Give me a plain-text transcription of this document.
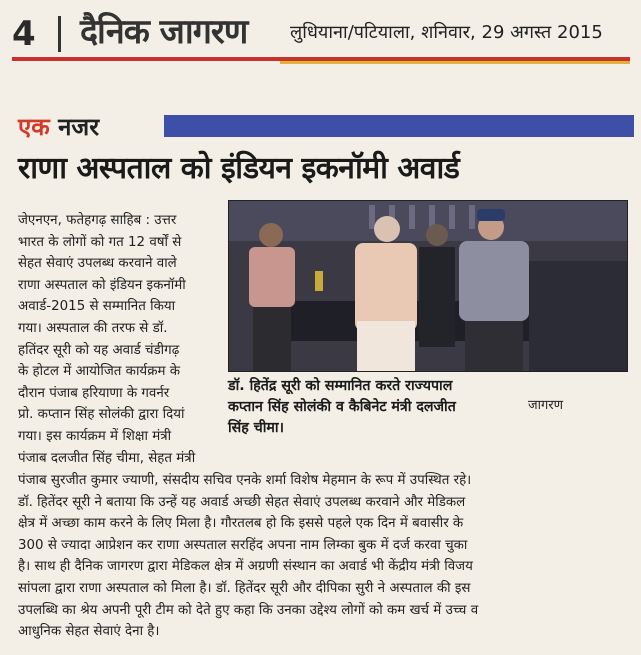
4 दैनिक जागरण लुधियाना/पटियाला, शनिवार, 29 अगस्त 2015
एक नजर
राणा अस्पताल को इंडियन इकनॉमी अवार्ड
जेएनएन, फतेहगढ़ साहिब : उत्तर
भारत के लोगों को गत 12 वर्षों से
सेहत सेवाएं उपलब्ध करवाने वाले
राणा अस्पताल को इंडियन इकनॉमी
अवार्ड-2015 से सम्मानित किया
गया। अस्पताल की तरफ से डॉ.
हतिंदर सूरी को यह अवार्ड चंडीगढ़
के होटल में आयोजित कार्यक्रम के
दौरान पंजाब हरियाणा के गवर्नर
प्रो. कप्तान सिंह सोलंकी द्वारा दियां
गया। इस कार्यक्रम में शिक्षा मंत्री
पंजाब दलजीत सिंह चीमा, सेहत मंत्री
डॉ. हितेंद्र सूरी को सम्मानित करते राज्यपाल
कप्तान सिंह सोलंकी व कैबिनेट मंत्री दलजीत
सिंह चीमा।
जागरण
पंजाब सुरजीत कुमार ज्याणी, संसदीय सचिव एनके शर्मा विशेष मेहमान के रूप में उपस्थित रहे।
डॉ. हितेंदर सूरी ने बताया कि उन्हें यह अवार्ड अच्छी सेहत सेवाएं उपलब्ध करवाने और मेडिकल
क्षेत्र में अच्छा काम करने के लिए मिला है। गौरतलब हो कि इससे पहले एक दिन में बवासीर के
300 से ज्यादा आप्रेशन कर राणा अस्पताल सरहिंद अपना नाम लिम्का बुक में दर्ज करवा चुका
है। साथ ही दैनिक जागरण द्वारा मेडिकल क्षेत्र में अग्रणी संस्थान का अवार्ड भी केंद्रीय मंत्री विजय
सांपला द्वारा राणा अस्पताल को मिला है। डॉ. हितेंदर सूरी और दीपिका सुरी ने अस्पताल की इस
उपलब्धि का श्रेय अपनी पूरी टीम को देते हुए कहा कि उनका उद्देश्य लोगों को कम खर्च में उच्च व
आधुनिक सेहत सेवाएं देना है।
